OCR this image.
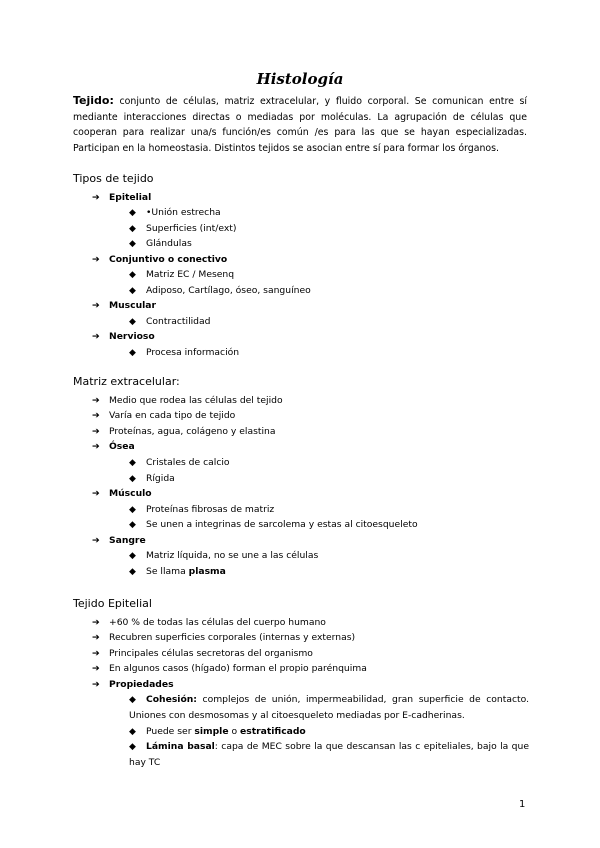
Histología
Tejido: conjunto de células, matriz extracelular, y fluido corporal. Se comunican entre sí mediante interacciones directas o mediadas por moléculas. La agrupación de células que cooperan para realizar una/s función/es común /es para las que se hayan especializadas. Participan en la homeostasia. Distintos tejidos se asocian entre sí para formar los órganos.
Tipos de tejido
➔ Epitelial
◆ •Unión estrecha
◆ Superficies (int/ext)
◆ Glándulas
➔ Conjuntivo o conectivo
◆ Matriz EC / Mesenq
◆ Adiposo, Cartílago, óseo, sanguíneo
➔ Muscular
◆ Contractilidad
➔ Nervioso
◆ Procesa información
Matriz extracelular:
➔ Medio que rodea las células del tejido
➔ Varía en cada tipo de tejido
➔ Proteínas, agua, colágeno y elastina
➔ Ósea
◆ Cristales de calcio
◆ Rígida
➔ Músculo
◆ Proteínas fibrosas de matriz
◆ Se unen a integrinas de sarcolema y estas al citoesqueleto
➔ Sangre
◆ Matriz líquida, no se une a las células
◆ Se llama plasma
Tejido Epitelial
➔ +60 % de todas las células del cuerpo humano
➔ Recubren superficies corporales (internas y externas)
➔ Principales células secretoras del organismo
➔ En algunos casos (hígado) forman el propio parénquima
➔ Propiedades
◆ Cohesión: complejos de unión, impermeabilidad, gran superficie de contacto. Uniones con desmosomas y al citoesqueleto mediadas por E-cadherinas.
◆ Puede ser simple o estratificado
◆ Lámina basal: capa de MEC sobre la que descansan las c epiteliales, bajo la que hay TC
1
